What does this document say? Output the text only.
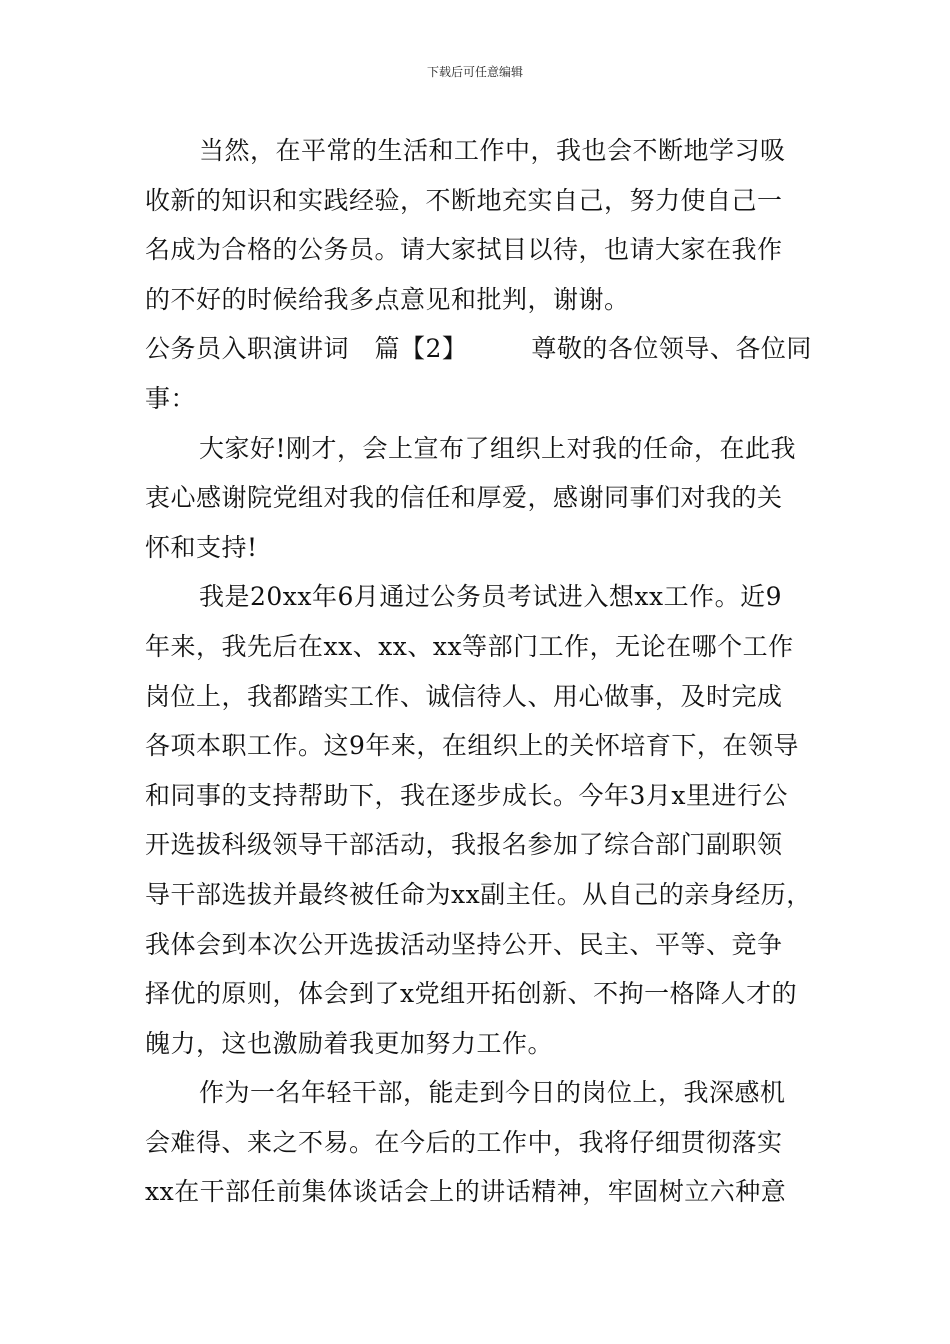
下载后可任意编辑
当然，在平常的生活和工作中，我也会不断地学习吸
收新的知识和实践经验，不断地充实自己，努力使自己一
名成为合格的公务员。请大家拭目以待，也请大家在我作
的不好的时候给我多点意见和批判，谢谢。
公务员入职演讲词　篇【2】	尊敬的各位领导、各位同
事：
大家好!刚才，会上宣布了组织上对我的任命，在此我
衷心感谢院党组对我的信任和厚爱，感谢同事们对我的关
怀和支持!
我是20xx年6月通过公务员考试进入想xx工作。近9
年来，我先后在xx、xx、xx等部门工作，无论在哪个工作
岗位上，我都踏实工作、诚信待人、用心做事，及时完成
各项本职工作。这9年来，在组织上的关怀培育下，在领导
和同事的支持帮助下，我在逐步成长。今年3月x里进行公
开选拔科级领导干部活动，我报名参加了综合部门副职领
导干部选拔并最终被任命为xx副主任。从自己的亲身经历，
我体会到本次公开选拔活动坚持公开、民主、平等、竞争
择优的原则，体会到了x党组开拓创新、不拘一格降人才的
魄力，这也激励着我更加努力工作。
作为一名年轻干部，能走到今日的岗位上，我深感机
会难得、来之不易。在今后的工作中，我将仔细贯彻落实
xx在干部任前集体谈话会上的讲话精神，牢固树立六种意
